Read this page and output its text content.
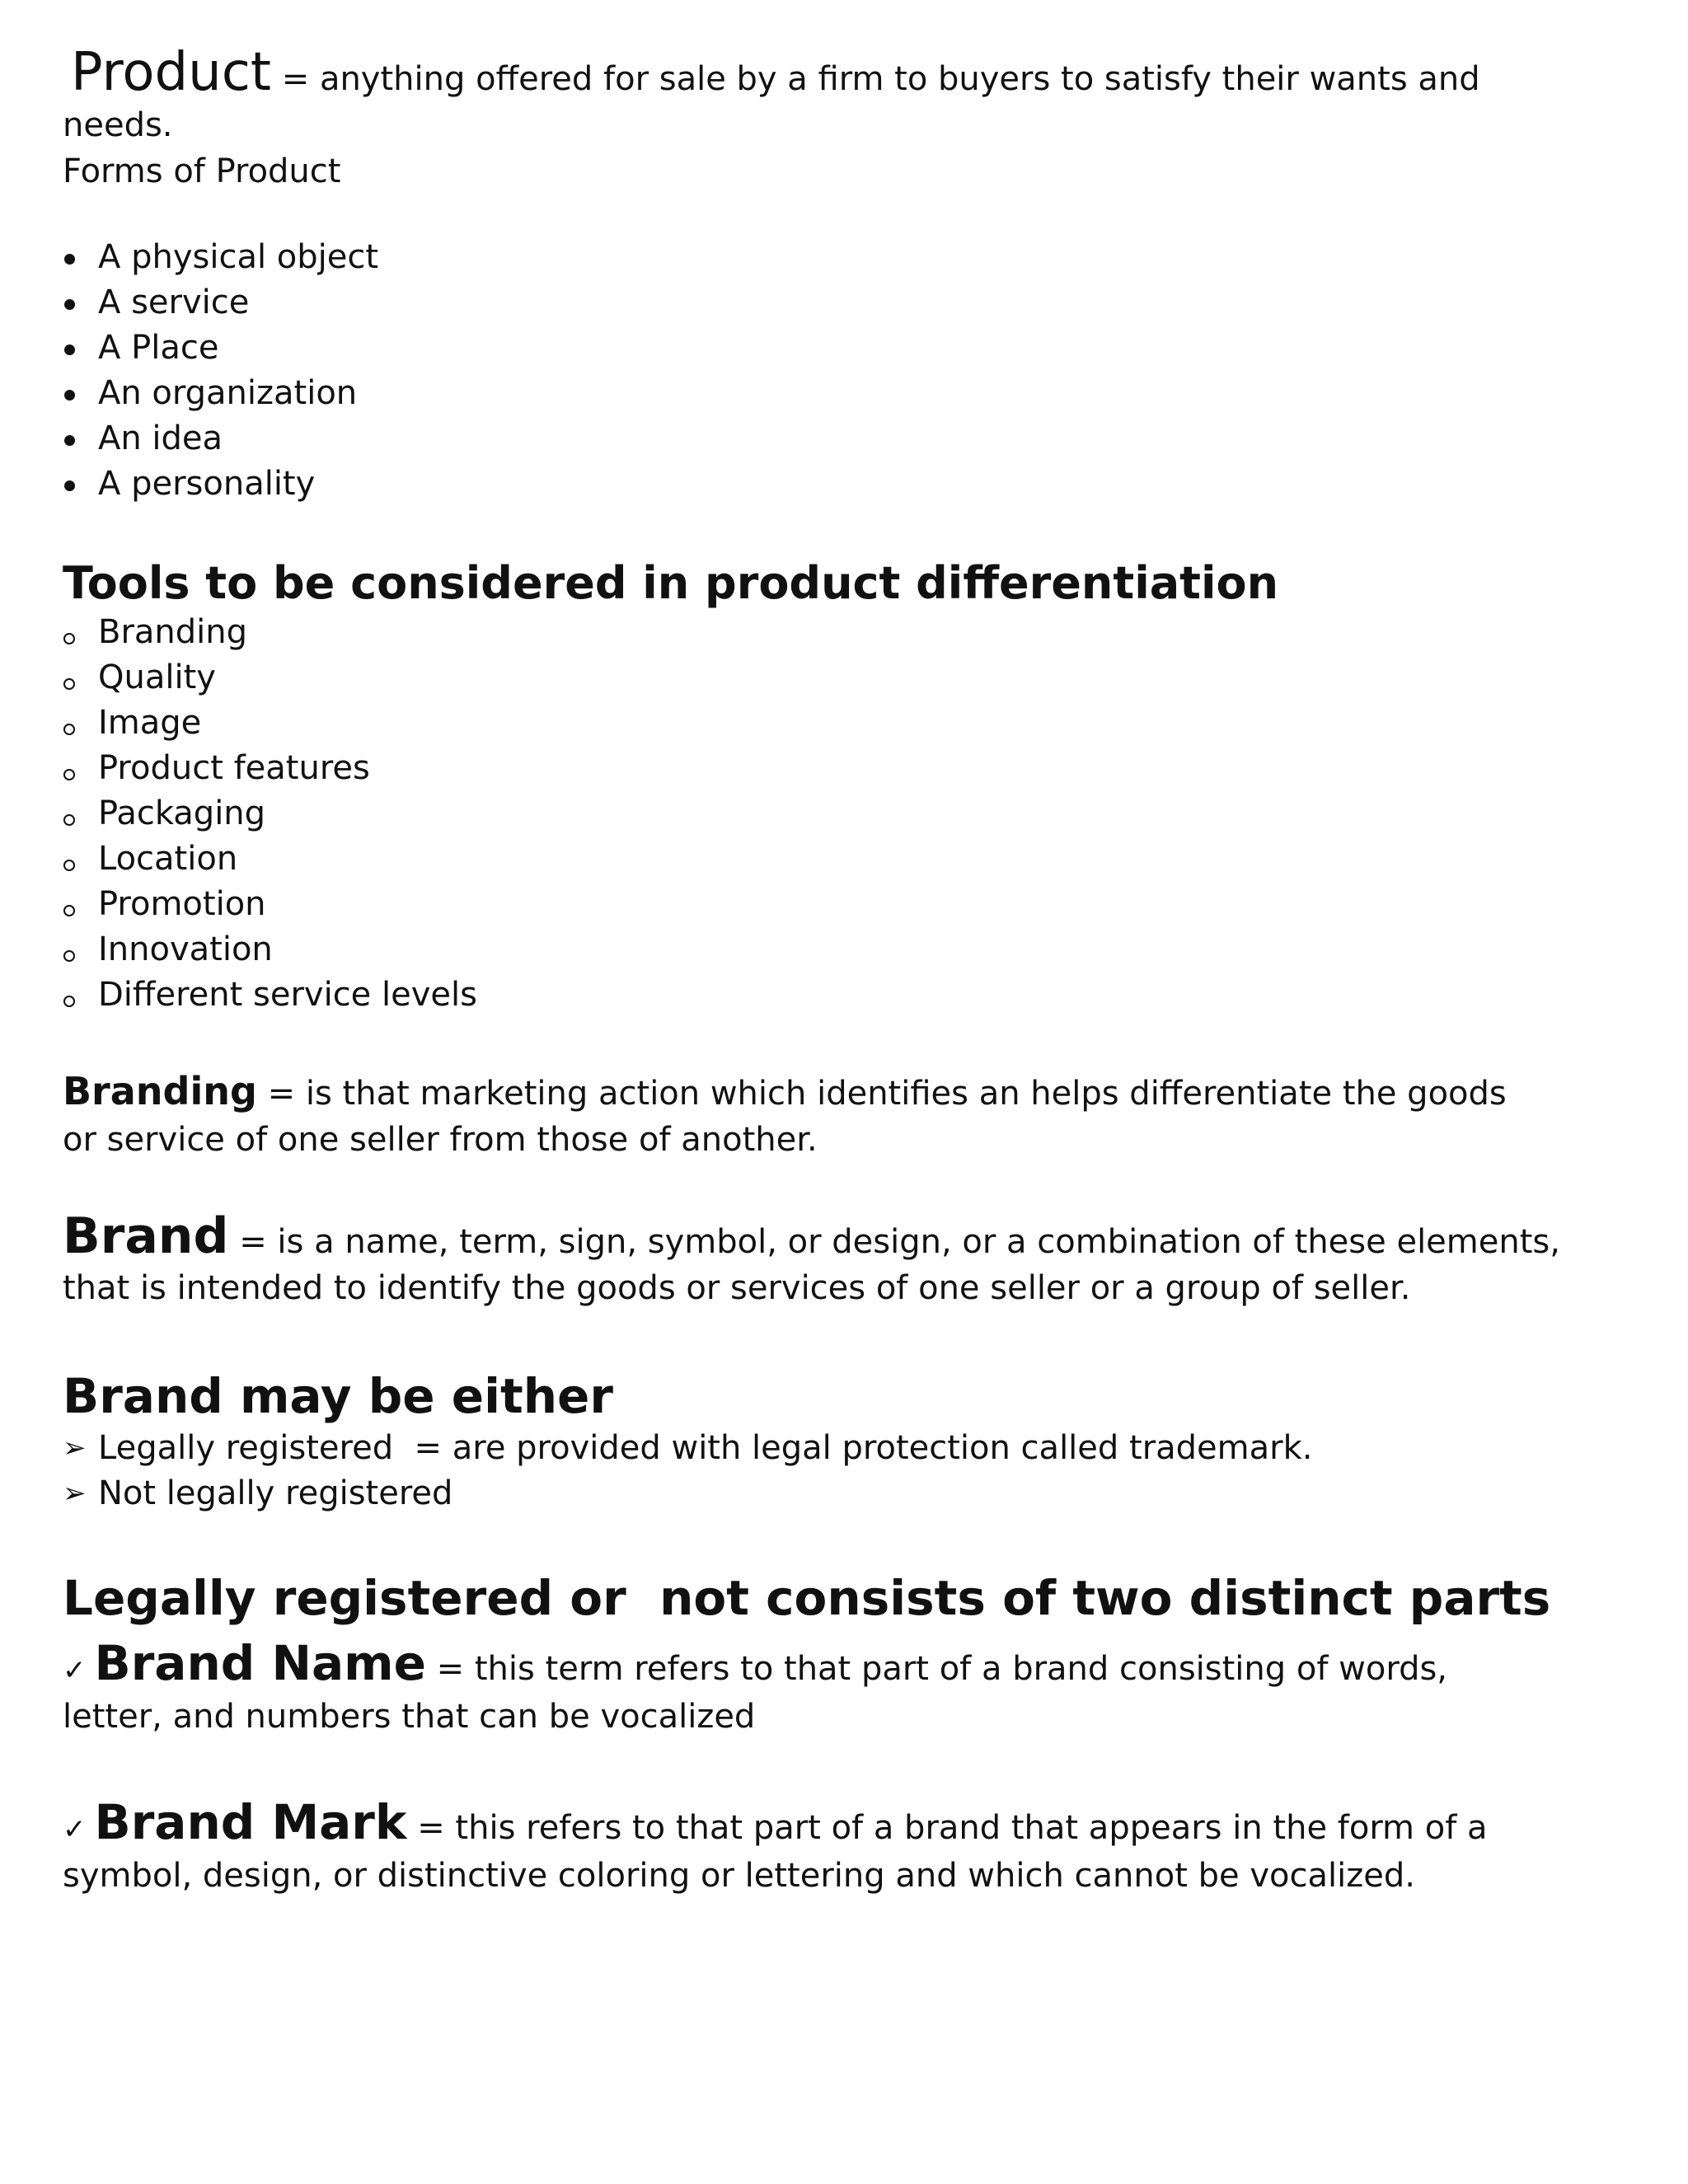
Product = anything offered for sale by a firm to buyers to satisfy their wants and
needs.
Forms of Product
A physical object
A service
A Place
An organization
An idea
A personality
Tools to be considered in product differentiation
Branding
Quality
Image
Product features
Packaging
Location
Promotion
Innovation
Different service levels
Branding = is that marketing action which identifies an helps differentiate the goods
or service of one seller from those of another.
Brand = is a name, term, sign, symbol, or design, or a combination of these elements,
that is intended to identify the goods or services of one seller or a group of seller.
Brand may be either
➢ Legally registered  = are provided with legal protection called trademark.
➢ Not legally registered
Legally registered or  not consists of two distinct parts
✓ Brand Name = this term refers to that part of a brand consisting of words,
letter, and numbers that can be vocalized
✓ Brand Mark = this refers to that part of a brand that appears in the form of a
symbol, design, or distinctive coloring or lettering and which cannot be vocalized.
